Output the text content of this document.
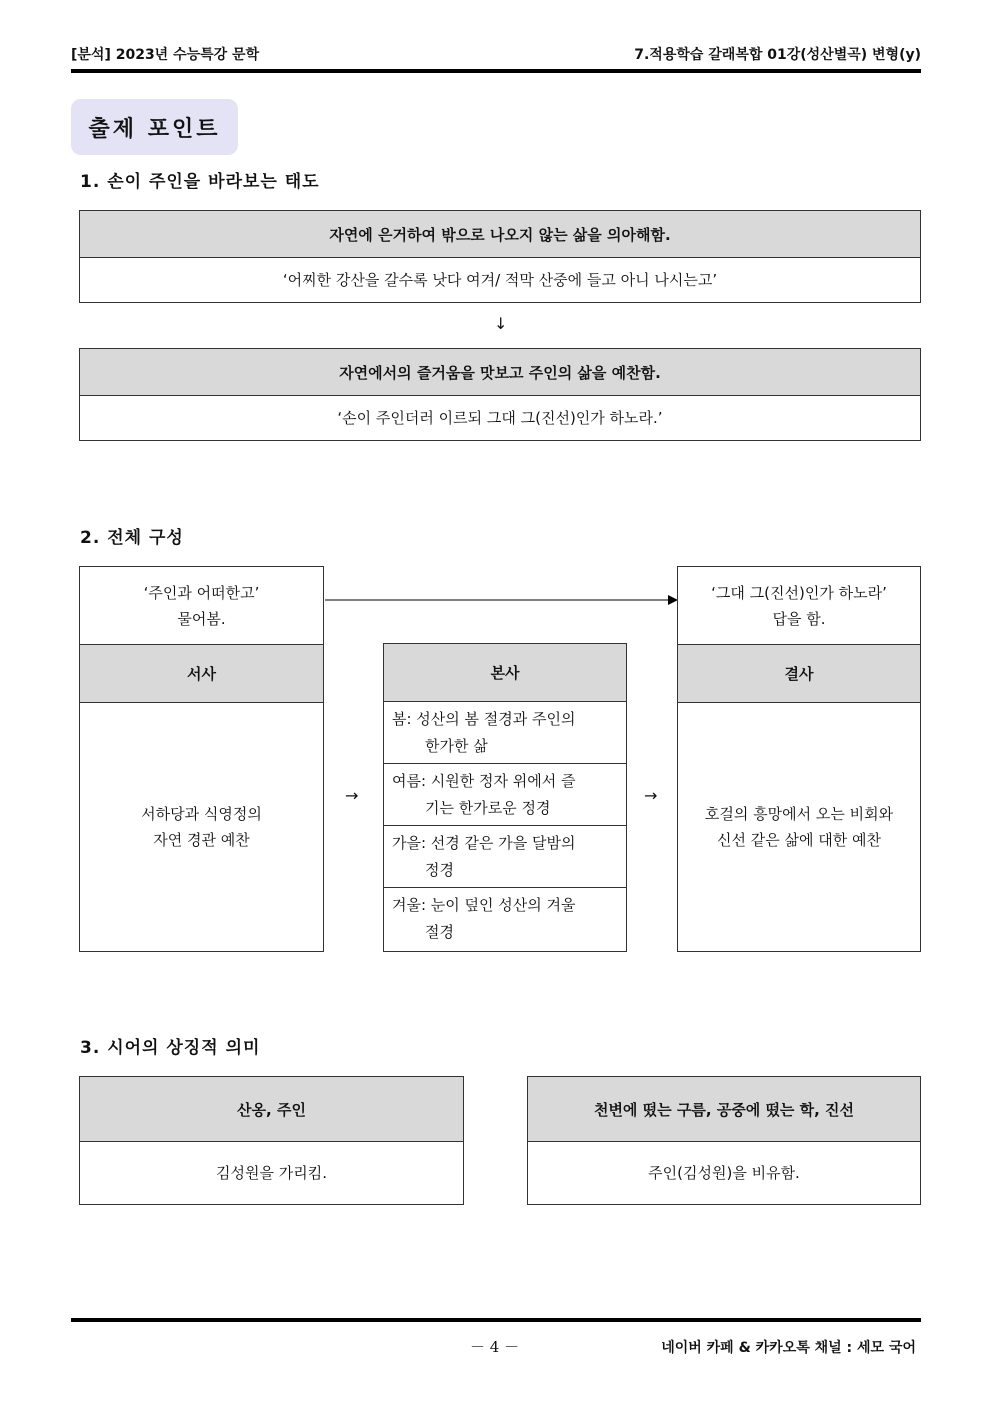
[분석] 2023년 수능특강 문학	7.적용학습 갈래복합 01강(성산별곡) 변형(y)
출제 포인트
1. 손이 주인을 바라보는 태도
자연에 은거하여 밖으로 나오지 않는 삶을 의아해함.
‘어찌한 강산을 갈수록 낫다 여겨/ 적막 산중에 들고 아니 나시는고’
↓
자연에서의 즐거움을 맛보고 주인의 삶을 예찬함.
‘손이 주인더러 이르되 그대 그(진선)인가 하노라.’
2. 전체 구성
‘주인과 어떠한고’
물어봄.
서사
서하당과 식영정의
자연 경관 예찬
본사
봄: 성산의 봄 절경과 주인의
한가한 삶
여름: 시원한 정자 위에서 즐
기는 한가로운 정경
가을: 선경 같은 가을 달밤의
정경
겨울: 눈이 덮인 성산의 겨울
절경
→	→
‘그대 그(진선)인가 하노라’
답을 함.
결사
호걸의 흥망에서 오는 비회와
신선 같은 삶에 대한 예찬
3. 시어의 상징적 의미
산옹, 주인
김성원을 가리킴.
천변에 떴는 구름, 공중에 떴는 학, 진선
주인(김성원)을 비유함.
－ 4 －	네이버 카페 & 카카오톡 채널 : 세모 국어
